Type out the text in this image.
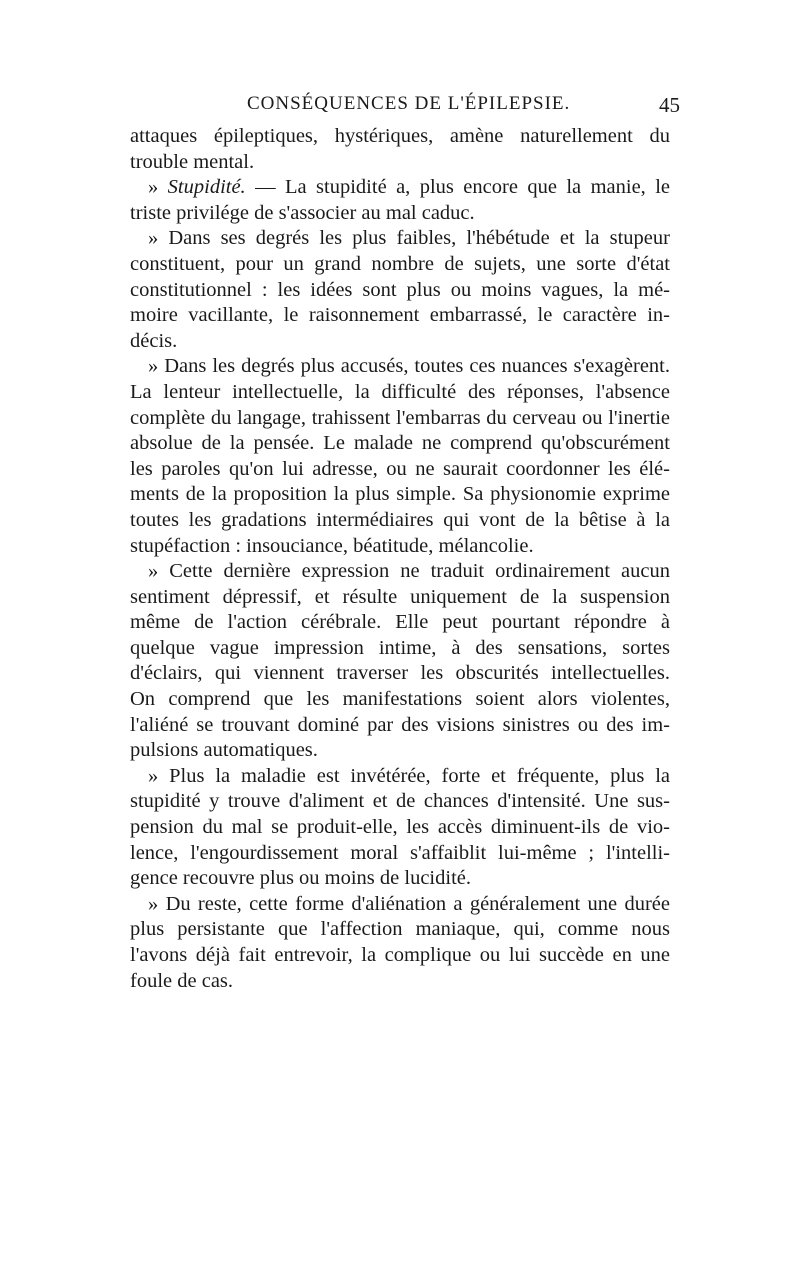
CONSÉQUENCES DE L'ÉPILEPSIE.	45
attaques épileptiques, hystériques, amène naturellement du
trouble mental.
» Stupidité. — La stupidité a, plus encore que la manie, le
triste privilége de s'associer au mal caduc.
» Dans ses degrés les plus faibles, l'hébétude et la stupeur
constituent, pour un grand nombre de sujets, une sorte d'état
constitutionnel : les idées sont plus ou moins vagues, la mé-
moire vacillante, le raisonnement embarrassé, le caractère in-
décis.
» Dans les degrés plus accusés, toutes ces nuances s'exagèrent.
La lenteur intellectuelle, la difficulté des réponses, l'absence
complète du langage, trahissent l'embarras du cerveau ou l'inertie
absolue de la pensée. Le malade ne comprend qu'obscurément
les paroles qu'on lui adresse, ou ne saurait coordonner les élé-
ments de la proposition la plus simple. Sa physionomie exprime
toutes les gradations intermédiaires qui vont de la bêtise à la
stupéfaction : insouciance, béatitude, mélancolie.
» Cette dernière expression ne traduit ordinairement aucun
sentiment dépressif, et résulte uniquement de la suspension
même de l'action cérébrale. Elle peut pourtant répondre à
quelque vague impression intime, à des sensations, sortes
d'éclairs, qui viennent traverser les obscurités intellectuelles.
On comprend que les manifestations soient alors violentes,
l'aliéné se trouvant dominé par des visions sinistres ou des im-
pulsions automatiques.
» Plus la maladie est invétérée, forte et fréquente, plus la
stupidité y trouve d'aliment et de chances d'intensité. Une sus-
pension du mal se produit-elle, les accès diminuent-ils de vio-
lence, l'engourdissement moral s'affaiblit lui-même ; l'intelli-
gence recouvre plus ou moins de lucidité.
» Du reste, cette forme d'aliénation a généralement une durée
plus persistante que l'affection maniaque, qui, comme nous
l'avons déjà fait entrevoir, la complique ou lui succède en une
foule de cas.
